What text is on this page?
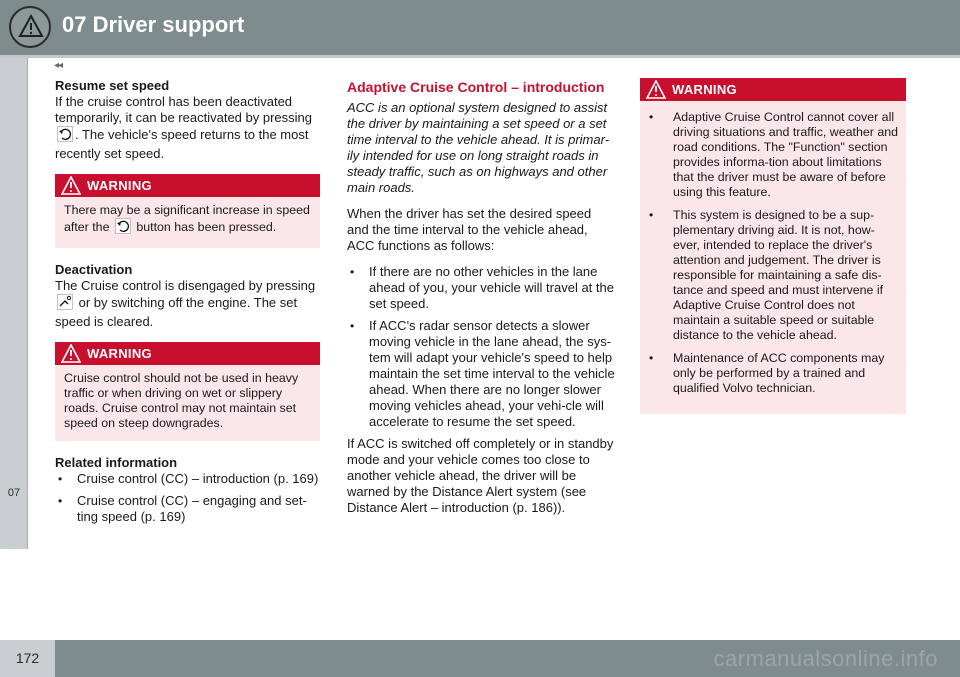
07 Driver support
◂◂
07
Resume set speed
If the cruise control has been deactivated temporarily, it can be reactivated by pressing . The vehicle's speed returns to the most recently set speed.
WARNING
There may be a significant increase in speed after the button has been pressed.
Deactivation
The Cruise control is disengaged by pressing  or by switching off the engine. The set speed is cleared.
WARNING
Cruise control should not be used in heavy traffic or when driving on wet or slippery roads. Cruise control may not maintain set speed on steep downgrades.
Related information
• Cruise control (CC) – introduction (p. 169)
• Cruise control (CC) – engaging and set-ting speed (p. 169)
Adaptive Cruise Control – introduction
ACC is an optional system designed to assist the driver by maintaining a set speed or a set time interval to the vehicle ahead. It is primar-ily intended for use on long straight roads in steady traffic, such as on highways and other main roads.
When the driver has set the desired speed and the time interval to the vehicle ahead, ACC functions as follows:
• If there are no other vehicles in the lane ahead of you, your vehicle will travel at the set speed.
• If ACC's radar sensor detects a slower moving vehicle in the lane ahead, the sys-tem will adapt your vehicle's speed to help maintain the set time interval to the vehicle ahead. When there are no longer slower moving vehicles ahead, your vehi-cle will accelerate to resume the set speed.
If ACC is switched off completely or in standby mode and your vehicle comes too close to another vehicle ahead, the driver will be warned by the Distance Alert system (see Distance Alert – introduction (p. 186)).
WARNING
• Adaptive Cruise Control cannot cover all driving situations and traffic, weather and road conditions. The "Function" section provides informa-tion about limitations that the driver must be aware of before using this feature.
• This system is designed to be a sup-plementary driving aid. It is not, how-ever, intended to replace the driver's attention and judgement. The driver is responsible for maintaining a safe dis-tance and speed and must intervene if Adaptive Cruise Control does not maintain a suitable speed or suitable distance to the vehicle ahead.
• Maintenance of ACC components may only be performed by a trained and qualified Volvo technician.
172	carmanualsonline.info
